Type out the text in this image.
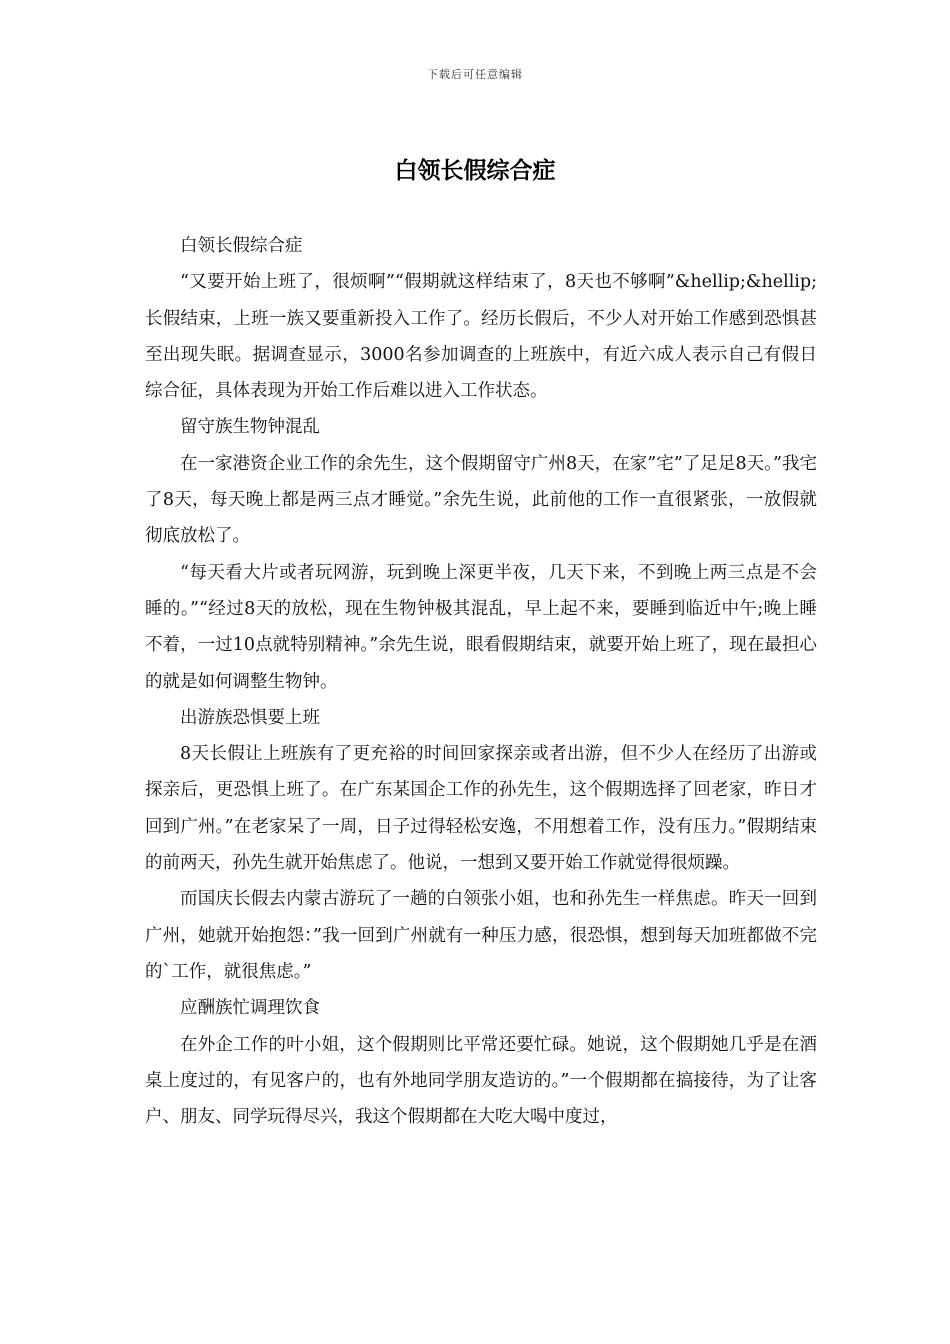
下载后可任意编辑
白领长假综合症

白领长假综合症

“又要开始上班了，很烦啊”“假期就这样结束了，8天也不够啊”&hellip;&hellip;长假结束，上班一族又要重新投入工作了。经历长假后，不少人对开始工作感到恐惧甚至出现失眠。据调查显示，3000名参加调查的上班族中，有近六成人表示自己有假日综合征，具体表现为开始工作后难以进入工作状态。

留守族生物钟混乱

在一家港资企业工作的余先生，这个假期留守广州8天，在家”宅”了足足8天。”我宅了8天，每天晚上都是两三点才睡觉。”余先生说，此前他的工作一直很紧张，一放假就彻底放松了。

“每天看大片或者玩网游，玩到晚上深更半夜，几天下来，不到晚上两三点是不会睡的。”“经过8天的放松，现在生物钟极其混乱，早上起不来，要睡到临近中午;晚上睡不着，一过10点就特别精神。”余先生说，眼看假期结束，就要开始上班了，现在最担心的就是如何调整生物钟。

出游族恐惧要上班

8天长假让上班族有了更充裕的时间回家探亲或者出游，但不少人在经历了出游或探亲后，更恐惧上班了。在广东某国企工作的孙先生，这个假期选择了回老家，昨日才回到广州。”在老家呆了一周，日子过得轻松安逸，不用想着工作，没有压力。”假期结束的前两天，孙先生就开始焦虑了。他说，一想到又要开始工作就觉得很烦躁。

而国庆长假去内蒙古游玩了一趟的白领张小姐，也和孙先生一样焦虑。昨天一回到广州，她就开始抱怨：”我一回到广州就有一种压力感，很恐惧，想到每天加班都做不完的`工作，就很焦虑。”

应酬族忙调理饮食

在外企工作的叶小姐，这个假期则比平常还要忙碌。她说，这个假期她几乎是在酒桌上度过的，有见客户的，也有外地同学朋友造访的。”一个假期都在搞接待，为了让客户、朋友、同学玩得尽兴，我这个假期都在大吃大喝中度过，
